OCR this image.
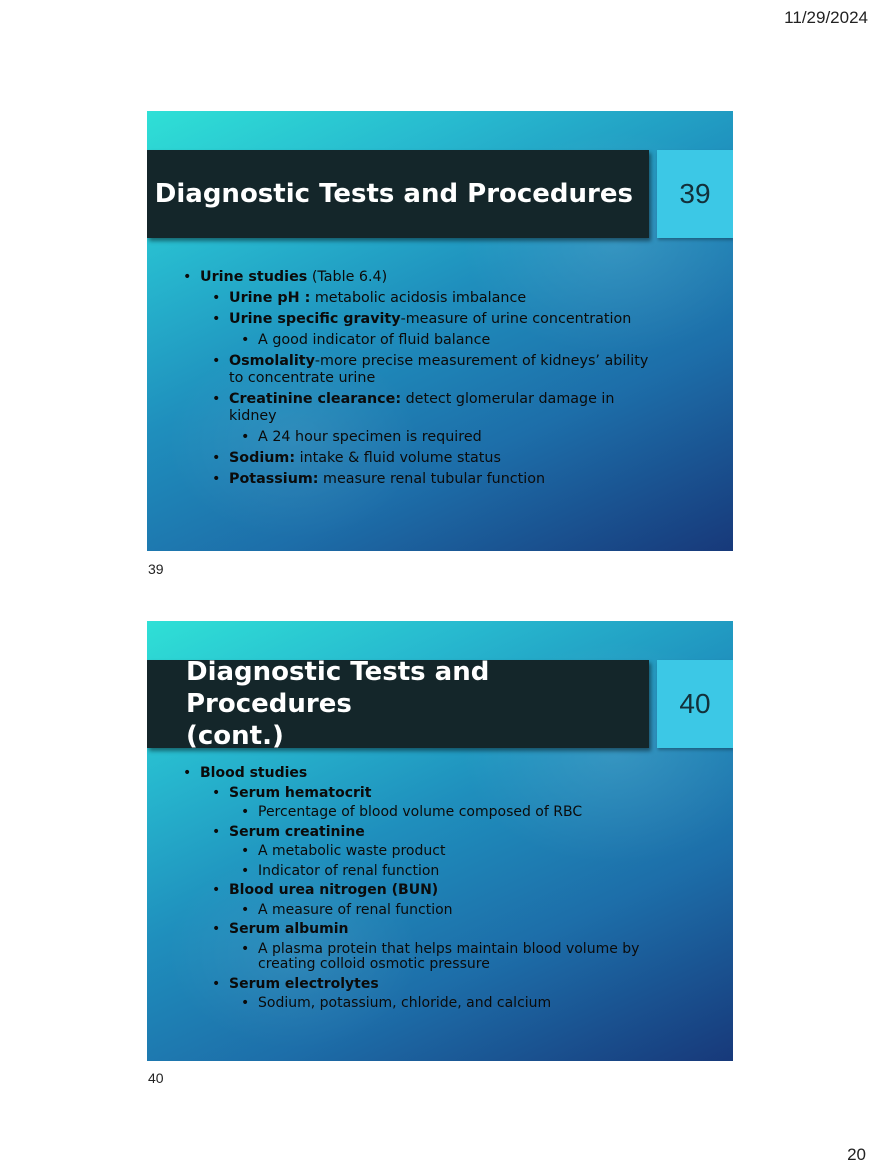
11/29/2024
Diagnostic Tests and Procedures	39
• Urine studies (Table 6.4)
• Urine pH : metabolic acidosis imbalance
• Urine specific gravity-measure of urine concentration
• A good indicator of fluid balance
• Osmolality-more precise measurement of kidneys’ ability to concentrate urine
• Creatinine clearance: detect glomerular damage in kidney
• A 24 hour specimen is required
• Sodium: intake & fluid volume status
• Potassium: measure renal tubular function
39
Diagnostic Tests and Procedures
(cont.)
40
• Blood studies
• Serum hematocrit
• Percentage of blood volume composed of RBC
• Serum creatinine
• A metabolic waste product
• Indicator of renal function
• Blood urea nitrogen (BUN)
• A measure of renal function
• Serum albumin
• A plasma protein that helps maintain blood volume by creating colloid osmotic pressure
• Serum electrolytes
• Sodium, potassium, chloride, and calcium
40
20
